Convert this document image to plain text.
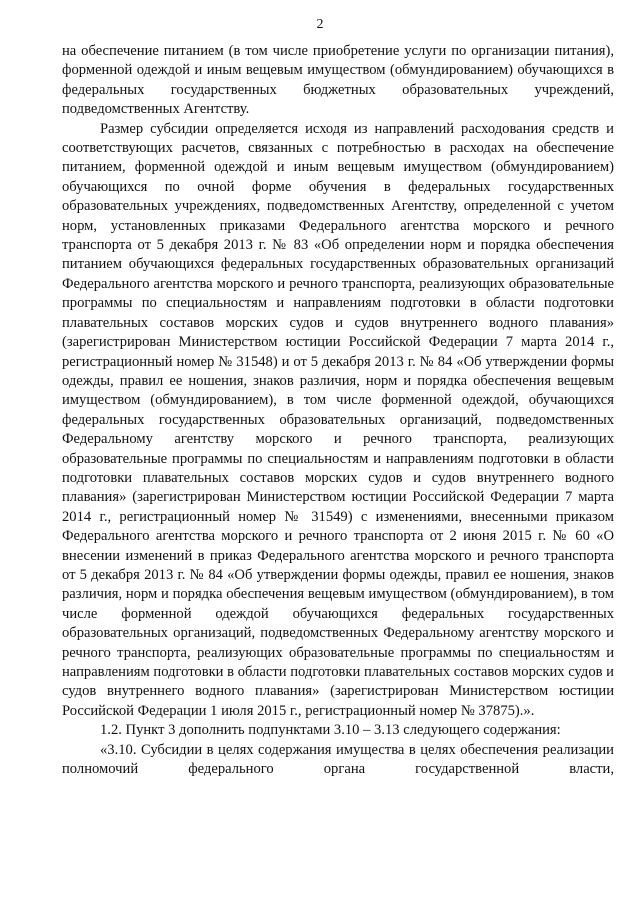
2

на обеспечение питанием (в том числе приобретение услуги по организации питания), форменной одеждой и иным вещевым имуществом (обмундированием) обучающихся в федеральных государственных бюджетных образовательных учреждений, подведомственных Агентству.

Размер субсидии определяется исходя из направлений расходования средств и соответствующих расчетов, связанных с потребностью в расходах на обеспечение питанием, форменной одеждой и иным вещевым имуществом (обмундированием) обучающихся по очной форме обучения в федеральных государственных образовательных учреждениях, подведомственных Агентству, определенной с учетом норм, установленных приказами Федерального агентства морского и речного транспорта от 5 декабря 2013 г. № 83 «Об определении норм и порядка обеспечения питанием обучающихся федеральных государственных образовательных организаций Федерального агентства морского и речного транспорта, реализующих образовательные программы по специальностям и направлениям подготовки в области подготовки плавательных составов морских судов и судов внутреннего водного плавания» (зарегистрирован Министерством юстиции Российской Федерации 7 марта 2014 г., регистрационный номер № 31548) и от 5 декабря 2013 г. № 84 «Об утверждении формы одежды, правил ее ношения, знаков различия, норм и порядка обеспечения вещевым имуществом (обмундированием), в том числе форменной одеждой, обучающихся федеральных государственных образовательных организаций, подведомственных Федеральному агентству морского и речного транспорта, реализующих образовательные программы по специальностям и направлениям подготовки в области подготовки плавательных составов морских судов и судов внутреннего водного плавания» (зарегистрирован Министерством юстиции Российской Федерации 7 марта 2014 г., регистрационный номер № 31549) с изменениями, внесенными приказом Федерального агентства морского и речного транспорта от 2 июня 2015 г. № 60 «О внесении изменений в приказ Федерального агентства морского и речного транспорта от 5 декабря 2013 г. № 84 «Об утверждении формы одежды, правил ее ношения, знаков различия, норм и порядка обеспечения вещевым имуществом (обмундированием), в том числе форменной одеждой обучающихся федеральных государственных образовательных организаций, подведомственных Федеральному агентству морского и речного транспорта, реализующих образовательные программы по специальностям и направлениям подготовки в области подготовки плавательных составов морских судов и судов внутреннего водного плавания» (зарегистрирован Министерством юстиции Российской Федерации 1 июля 2015 г., регистрационный номер № 37875).».

1.2. Пункт 3 дополнить подпунктами 3.10 – 3.13 следующего содержания:

«3.10. Субсидии в целях содержания имущества в целях обеспечения реализации полномочий федерального органа государственной власти,
